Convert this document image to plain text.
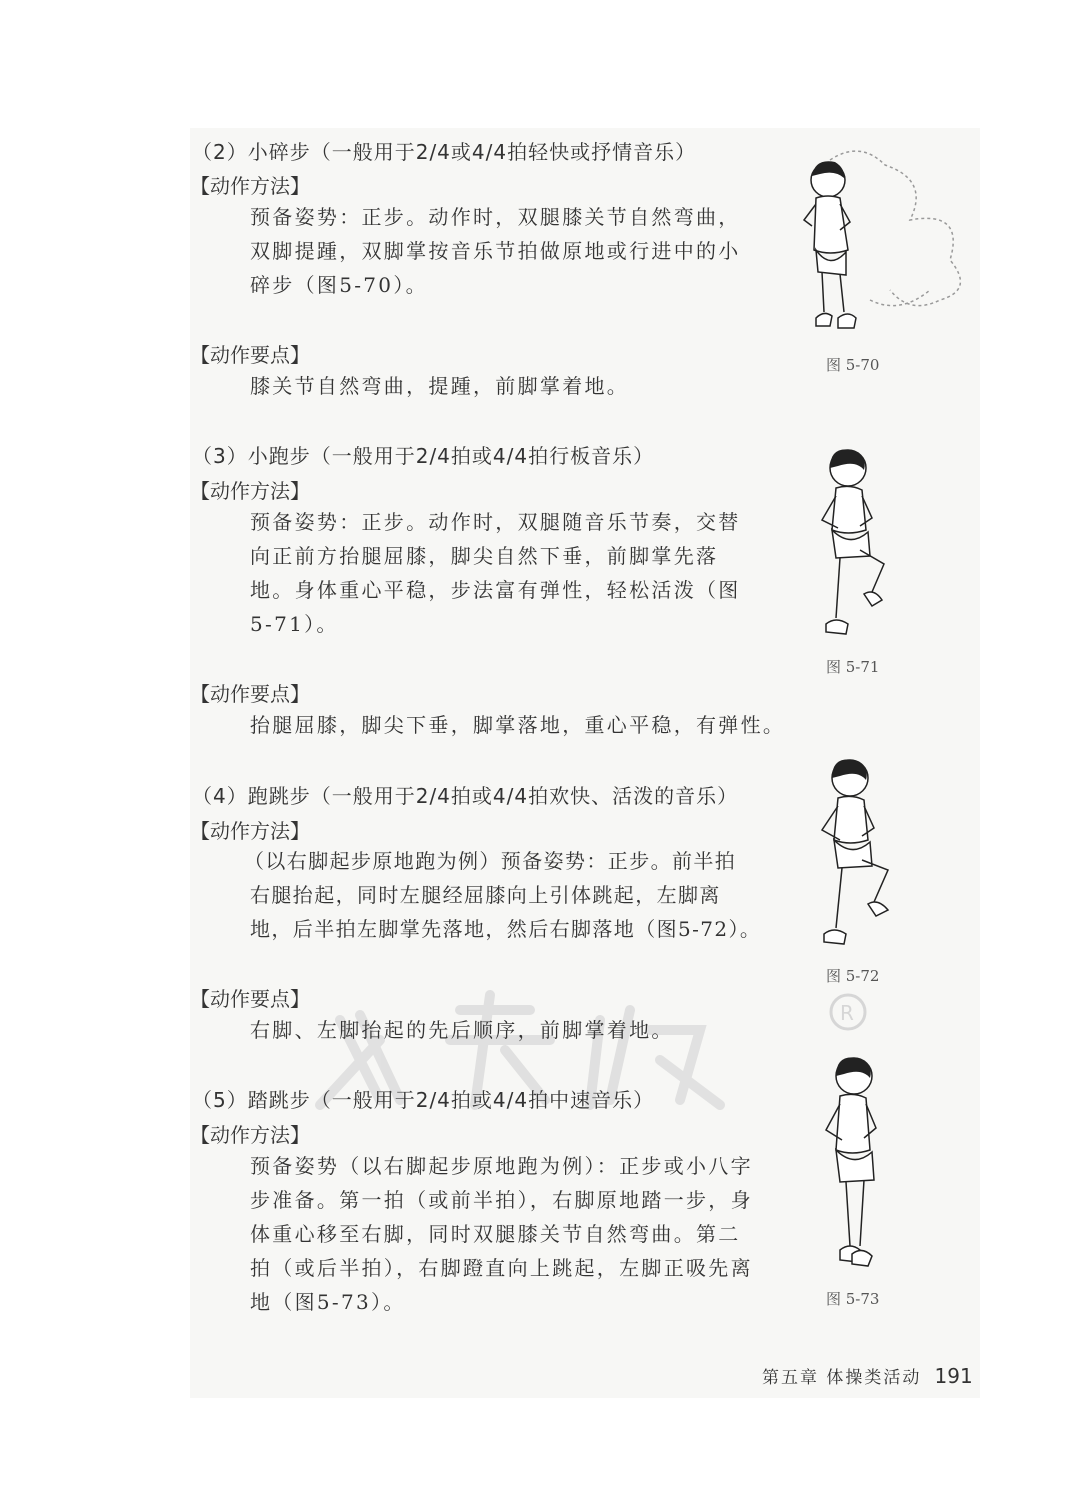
R
（2）小碎步（一般用于2/4或4/4拍轻快或抒情音乐）
【动作方法】
预备姿势：正步。动作时，双腿膝关节自然弯曲，
双脚提踵，双脚掌按音乐节拍做原地或行进中的小
碎步（图5-70）。
【动作要点】
膝关节自然弯曲，提踵，前脚掌着地。
（3）小跑步（一般用于2/4拍或4/4拍行板音乐）
【动作方法】
预备姿势：正步。动作时，双腿随音乐节奏，交替
向正前方抬腿屈膝，脚尖自然下垂，前脚掌先落
地。身体重心平稳，步法富有弹性，轻松活泼（图
5-71）。
【动作要点】
抬腿屈膝，脚尖下垂，脚掌落地，重心平稳，有弹性。
（4）跑跳步（一般用于2/4拍或4/4拍欢快、活泼的音乐）
【动作方法】
（以右脚起步原地跑为例）预备姿势：正步。前半拍
右腿抬起，同时左腿经屈膝向上引体跳起，左脚离
地，后半拍左脚掌先落地，然后右脚落地（图5-72）。
【动作要点】
右脚、左脚抬起的先后顺序，前脚掌着地。
（5）踏跳步（一般用于2/4拍或4/4拍中速音乐）
【动作方法】
预备姿势（以右脚起步原地跑为例）：正步或小八字
步准备。第一拍（或前半拍），右脚原地踏一步，身
体重心移至右脚，同时双腿膝关节自然弯曲。第二
拍（或后半拍），右脚蹬直向上跳起，左脚正吸先离
地（图5-73）。
图 5-70
图 5-71
图 5-72
图 5-73
第五章 体操类活动 191
